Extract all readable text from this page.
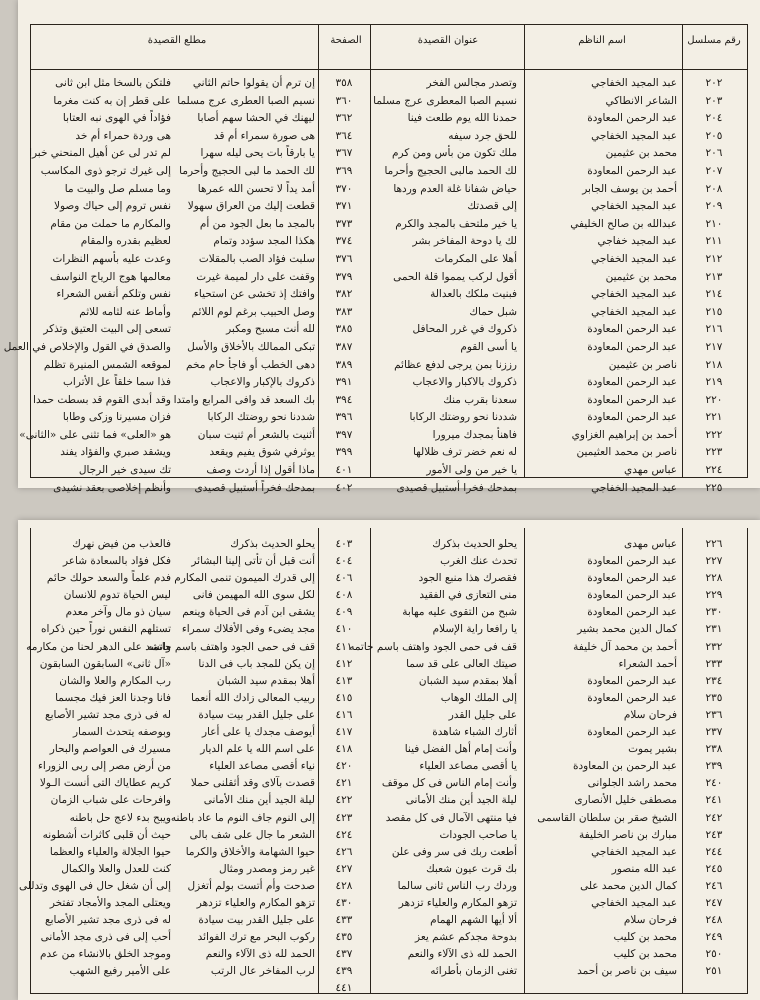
رقم مسلسل
اسم الناظم
عنوان القصيدة
الصفحة
مطلع القصيدة
٢٠٢
٢٠٣
٢٠٤
٢٠٥
٢٠٦
٢٠٧
٢٠٨
٢٠٩
٢١٠
٢١١
٢١٢
٢١٣
٢١٤
٢١٥
٢١٦
٢١٧
٢١٨
٢١٩
٢٢٠
٢٢١
٢٢٢
٢٢٣
٢٢٤
٢٢٥
عبد المجيد الخفاجي
الشاعر الانطاكي
عبد الرحمن المعاودة
عبد المجيد الخفاجي
محمد بن عثيمين
عبد الرحمن المعاودة
أحمد بن يوسف الجابر
عبد المجيد الخفاجي
عبدالله بن صالح الخليفي
عبد المجيد خفاجي
عبد المجيد الخفاجي
محمد بن عثيمين
عبد المجيد الخفاجي
عبد المجيد الخفاجي
عبد الرحمن المعاودة
عبد الرحمن المعاودة
ناصر بن عثيمين
عبد الرحمن المعاودة
عبد الرحمن المعاودة
عبد الرحمن المعاودة
أحمد بن إبراهيم الغزاوي
ناصر بن محمد العثيمين
عباس مهدي
عبد المجيد الخفاجي
وتصدر مجالس الفخر
نسيم الصبا المعطرى عرج مسلما
حمدنا الله يوم طلعت فينا
للحق جرد سيفه
ملك تكون من بأس ومن كرم
لك الحمد مالبى الحجيج وأحرما
حياض شفانا غلة العدم وردها
إلى قصدتك
يا خير ملتحف بالمجد والكرم
لك يا دوحة المفاخر بشر
أهلا على المكرمات
أقول لركب يمموا قلة الحمى
فبنيت ملكك بالعدالة
شبل حماك
ذكروك في غرر المحافل
يا أسى القوم
رززنا بمن يرجى لدفع عظائم
ذكروك بالاكبار والاعجاب
سعدنا بقرب منك
شددنا نحو روضتك الركابا
فاهنأ بمجدك ميرورا
له نعم خضر ترف ظلالها
يا خير من ولى الأمور
بمدحك فخرا أستبيل قصيدى
٣٥٨
٣٦٠
٣٦٢
٣٦٤
٣٦٧
٣٦٩
٣٧٠
٣٧١
٣٧٣
٣٧٤
٣٧٦
٣٧٩
٣٨٢
٣٨٣
٣٨٥
٣٨٧
٣٨٩
٣٩١
٣٩٤
٣٩٦
٣٩٧
٣٩٩
٤٠١
٤٠٢
إن ترم أن يقولوا حاتم الثاني
نسيم الصبا العطرى عرج مسلما
ليهنك في الحشا سهم أصابا
هى صورة سمراء أم قد
يا بارقاً بات يحى ليله سهرا
لك الحمد ما لبى الحجيج وأحرما
أمد يداً لا تحسن الله عمرها
قطعت إليك من العراق سهولا
بالمجد ما بعل الجود من أم
هكذا المجد سؤدد وتمام
سلبت فؤاد الصب بالمقلات
وقفت على دار لميمة غيرت
وافتك إذ تخشى عن استحياء
وصل الحبيب برغم لوم اللائم
لله أنت مسبح ومكبر
تبكى الممالك بالأخلاق والأسل
دهى الخطب أو فاجأ حام مخم
ذكروك بالإكبار والاعجاب
بك السعد قد وافى المرابع وامتدا
شددنا نحو روضتك الركابا
أثنيت بالشعر أم ثنيت سبان
يوثرفي شوق يفيم ويقعد
ماذا أقول إذا أردت وصف
بمدحك فخراً أستبيل قصيدى
فلتكن بالسخا مثل ابن ثانى
على قطر إن به كنت مغرما
فؤاداً في الهوى نبه العتابا
هى وردة حمراء أم خد
لم تدر لى عن أهيل المنحني خبرا
إلى غيرك ترجو ذوى المكاسب
وما مسلم صل والبيت ما
نفس تروم إلى حياك وصولا
والمكارم ما حملت من مقام
لعظيم بقدره والمقام
وعدت عليه بأسهم النظرات
معالمها هوج الرياح النواسف
نفس وتلكم أنفس الشعراء
وأماط عنه لثامه للاثم
تسعى إلى البيت العتيق وتذكر
والصدق في القول والإخلاص في العمل
لموقعه الشمس المنيرة تظلم
فذا سما خلقاً عل الأتراب
وقد أبدى القوم قد بسطت حمدا
فزان مسيرنا وزكى وطابا
هو «العلى» فما تثنى على «الثانى»
ويشقد صبري والفؤاد يفند
تك سيدى خير الرجال
وأنظم إخلاصى بعقد نشيدى
٢٢٦
٢٢٧
٢٢٨
٢٢٩
٢٣٠
٢٣١
٢٣٢
٢٣٣
٢٣٤
٢٣٥
٢٣٦
٢٣٧
٢٣٨
٢٣٩
٢٤٠
٢٤١
٢٤٢
٢٤٣
٢٤٤
٢٤٥
٢٤٦
٢٤٧
٢٤٨
٢٤٩
٢٥٠
٢٥١
عباس مهدى
عبد الرحمن المعاودة
عبد الرحمن المعاودة
عبد الرحمن المعاودة
عبد الرحمن المعاودة
كمال الدين محمد بشير
أحمد بن محمد آل خليفة
أحمد الشعراء
عبد الرحمن المعاودة
عبد الرحمن المعاودة
فرحان سلام
عبد الرحمن المعاودة
بشير يموت
عبد الرحمن بن المعاودة
محمد راشد الجلوانى
مصطفى خليل الأنصارى
الشيخ صقر بن سلطان القاسمى
مبارك بن ناصر الخليفة
عبد المجيد الخفاجي
عبد الله منصور
كمال الدين محمد على
عبد المجيد الخفاجي
فرحان سلام
محمد بن كليب
محمد بن كليب
سيف بن ناصر بن أحمد
يحلو الحديث بذكرك
تحدث عنك الغرب
فقصرك هذا منبع الجود
منى التعازى في الفقيد
شبح من التقوى عليه مهابة
يا رافعا راية الإسلام
قف فى حمى الجود واهتف باسم حاتمه
صيتك العالى على قد سما
أهلا بمقدم سيد الشبان
إلى الملك الوهاب
على جليل القدر
أثارك الشباء شاهدة
وأنت إمام أهل الفضل فينا
يا أقصى مصاعد العلياء
وأنت إمام الناس فى كل موقف
ليلة الجيد أين منك الأمانى
فيا منتهى الآمال فى كل مقصد
يا صاحب الجودات
أطعت ربك فى سر وفى علن
بك قرت عيون شعبك
وردك رب الناس ثانى سالما
تزهو المكارم والعلياء تزدهر
ألا أيها الشهم الهمام
بدوحة مجدكم عشم يعز
الحمد لله ذى الآلاء والنعم
تغنى الزمان بأطرائه
٤٠٣
٤٠٤
٤٠٦
٤٠٨
٤٠٩
٤١٠
٤١١
٤١٢
٤١٣
٤١٥
٤١٦
٤١٧
٤١٨
٤٢٠
٤٢١
٤٢٢
٤٢٣
٤٢٤
٤٢٦
٤٢٧
٤٢٨
٤٣٠
٤٣٣
٤٣٥
٤٣٧
٤٣٩
٤٤١
يحلو الحديث بذكرك
أنت قبل أن تأتى إلينا البشائر
إلى قدرك الميمون تنمى المكارم
لكل سوى الله المهيمن فانى
يشقى ابن آدم فى الحياة وينعم
مجد يضىء وفى الأفلاك سمراء
قف فى حمى الجود واهتف باسم حاتمه
إن يكن للمجد باب فى الدنا
أهلا بمقدم سيد الشبان
ربيب المعالى زادك الله أنعما
على جليل القدر بيت سيادة
أيوصف مجدك يا على أعار
على اسم الله يا علم الديار
نياء أقصى مصاعد العلياء
قصدت بآلاى وقد أثقلنى حملا
ليلة الجيد أين منك الأمانى
إلى النوم جاف النوم ما عاد باطنه
الشعر ما جال على شف بالى
حيوا الشهامة والأخلاق والكرما
غير رمز ومصدر ومثال
صدحت وأم أتست بولم أتغزل
تزهو المكارم والعلياء تزدهر
على جليل القدر بيت سيادة
ركوب البحر مع ترك الفوائد
الحمد لله ذى الآلاء والنعم
لرب المفاخر عال الرتب
فالعذب من فيض نهرك
فكل فؤاد بالسعادة شاعر
فدم علماً والسعد حولك حائم
ليس الحياة تدوم للانسان
سيان ذو مال وآخر معدم
تستلهم النفس نوراً حين ذكراه
وانشد على الدهر لحنا من مكارمه
«آل ثانى» السابقون السابقون
رب المكارم والعلا والشان
فانا وجدنا العز فيك مجسما
له فى ذرى مجد تشير الأصابع
وبوصفه يتحدث السمار
مسيرك فى العواصم والبحار
من أرض مصر إلى ربى الزوراء
كريم عطاياك التى أنست الـولا
وافرحات على شباب الزمان
ويبح بدء لاعج حل باطنه
حيث أن قلبى كاثرات أشطونه
حيوا الجلالة والعلياء والعظما
كنت للعدل والعلا والكمال
إلى أن شغل حال فى الهوى وتدللى
ويعتلى المجد والأمجاد تفتخر
له فى ذرى مجد تشير الأصابع
أحب إلى فى ذرى مجد الأمانى
وموجد الخلق بالانشاء من عدم
على الأمير رفيع الشهب
